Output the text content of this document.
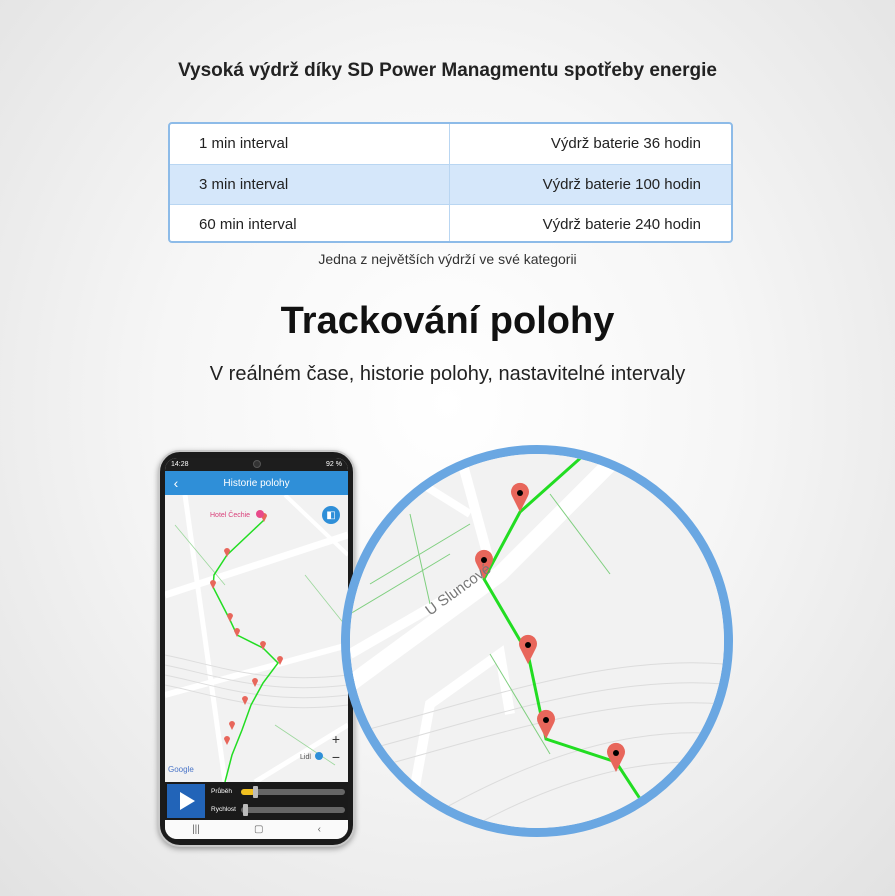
Vysoká výdrž díky SD Power Managmentu spotřeby energie
1 min interval	Výdrž baterie 36 hodin
3 min interval	Výdrž baterie 100 hodin
60 min interval	Výdrž baterie 240 hodin
Jedna z největších výdrží ve své kategorii
Trackování polohy
V reálném čase, historie polohy, nastavitelné intervaly
14:28	92 %
‹	Historie polohy
Hotel Čechie
Lidl
Google
◧
+
−
Průběh
Rychlost
|||	▢	‹
U Sluncové
